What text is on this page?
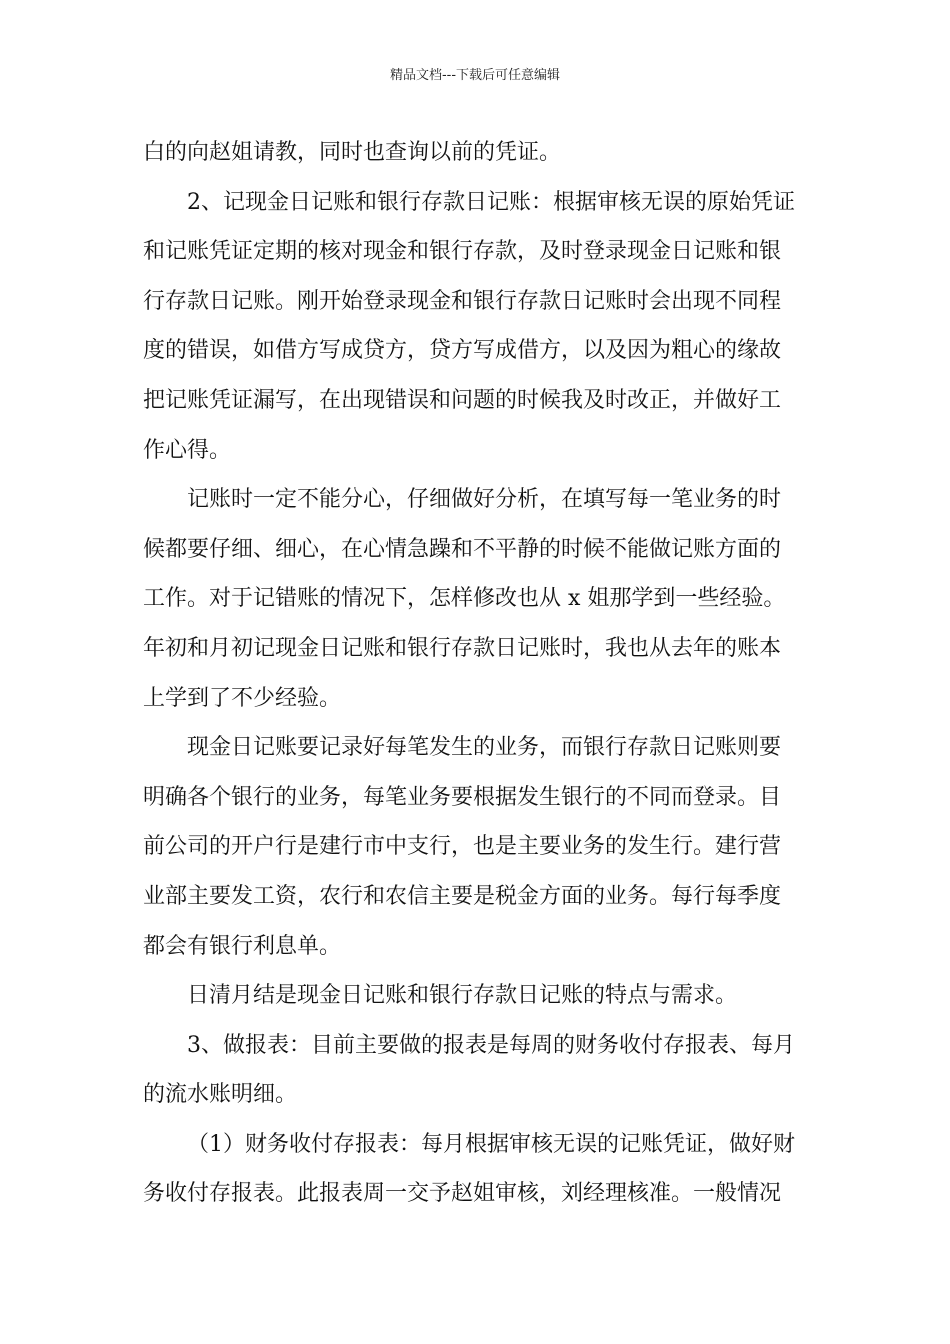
精品文档---下载后可任意编辑
白的向赵姐请教，同时也查询以前的凭证。
2、记现金日记账和银行存款日记账：根据审核无误的原始凭证
和记账凭证定期的核对现金和银行存款，及时登录现金日记账和银
行存款日记账。刚开始登录现金和银行存款日记账时会出现不同程
度的错误，如借方写成贷方，贷方写成借方，以及因为粗心的缘故
把记账凭证漏写，在出现错误和问题的时候我及时改正，并做好工
作心得。
记账时一定不能分心，仔细做好分析，在填写每一笔业务的时
候都要仔细、细心，在心情急躁和不平静的时候不能做记账方面的
工作。对于记错账的情况下，怎样修改也从 x 姐那学到一些经验。
年初和月初记现金日记账和银行存款日记账时，我也从去年的账本
上学到了不少经验。
现金日记账要记录好每笔发生的业务，而银行存款日记账则要
明确各个银行的业务，每笔业务要根据发生银行的不同而登录。目
前公司的开户行是建行市中支行，也是主要业务的发生行。建行营
业部主要发工资，农行和农信主要是税金方面的业务。每行每季度
都会有银行利息单。
日清月结是现金日记账和银行存款日记账的特点与需求。
3、做报表：目前主要做的报表是每周的财务收付存报表、每月
的流水账明细。
（1）财务收付存报表：每月根据审核无误的记账凭证，做好财
务收付存报表。此报表周一交予赵姐审核，刘经理核准。一般情况
